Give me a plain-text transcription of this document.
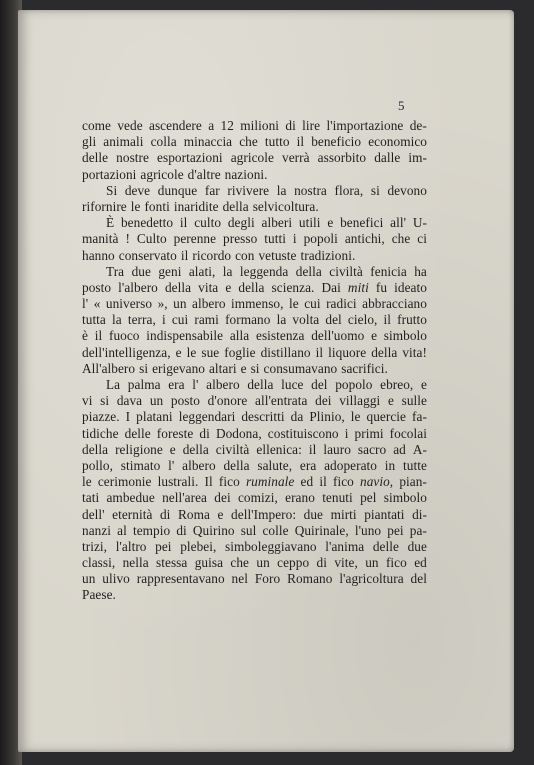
5
come vede ascendere a 12 milioni di lire l'importazione de-
gli animali colla minaccia che tutto il beneficio economico
delle nostre esportazioni agricole verrà assorbito dalle im-
portazioni agricole d'altre nazioni.
Si deve dunque far rivivere la nostra flora, si devono
rifornire le fonti inaridite della selvicoltura.
È benedetto il culto degli alberi utili e benefici all' U-
manità ! Culto perenne presso tutti i popoli antichi, che ci
hanno conservato il ricordo con vetuste tradizioni.
Tra due geni alati, la leggenda della civiltà fenicia ha
posto l'albero della vita e della scienza. Dai miti fu ideato
l' « universo », un albero immenso, le cui radici abbracciano
tutta la terra, i cui rami formano la volta del cielo, il frutto
è il fuoco indispensabile alla esistenza dell'uomo e simbolo
dell'intelligenza, e le sue foglie distillano il liquore della vita!
All'albero si erigevano altari e si consumavano sacrifici.
La palma era l' albero della luce del popolo ebreo, e
vi si dava un posto d'onore all'entrata dei villaggi e sulle
piazze. I platani leggendari descritti da Plinio, le quercie fa-
tidiche delle foreste di Dodona, costituiscono i primi focolai
della religione e della civiltà ellenica: il lauro sacro ad A-
pollo, stimato l' albero della salute, era adoperato in tutte
le cerimonie lustrali. Il fico ruminale ed il fico navio, pian-
tati ambedue nell'area dei comizi, erano tenuti pel simbolo
dell' eternità di Roma e dell'Impero: due mirti piantati di-
nanzi al tempio di Quirino sul colle Quirinale, l'uno pei pa-
trizi, l'altro pei plebei, simboleggiavano l'anima delle due
classi, nella stessa guisa che un ceppo di vite, un fico ed
un ulivo rappresentavano nel Foro Romano l'agricoltura del
Paese.
